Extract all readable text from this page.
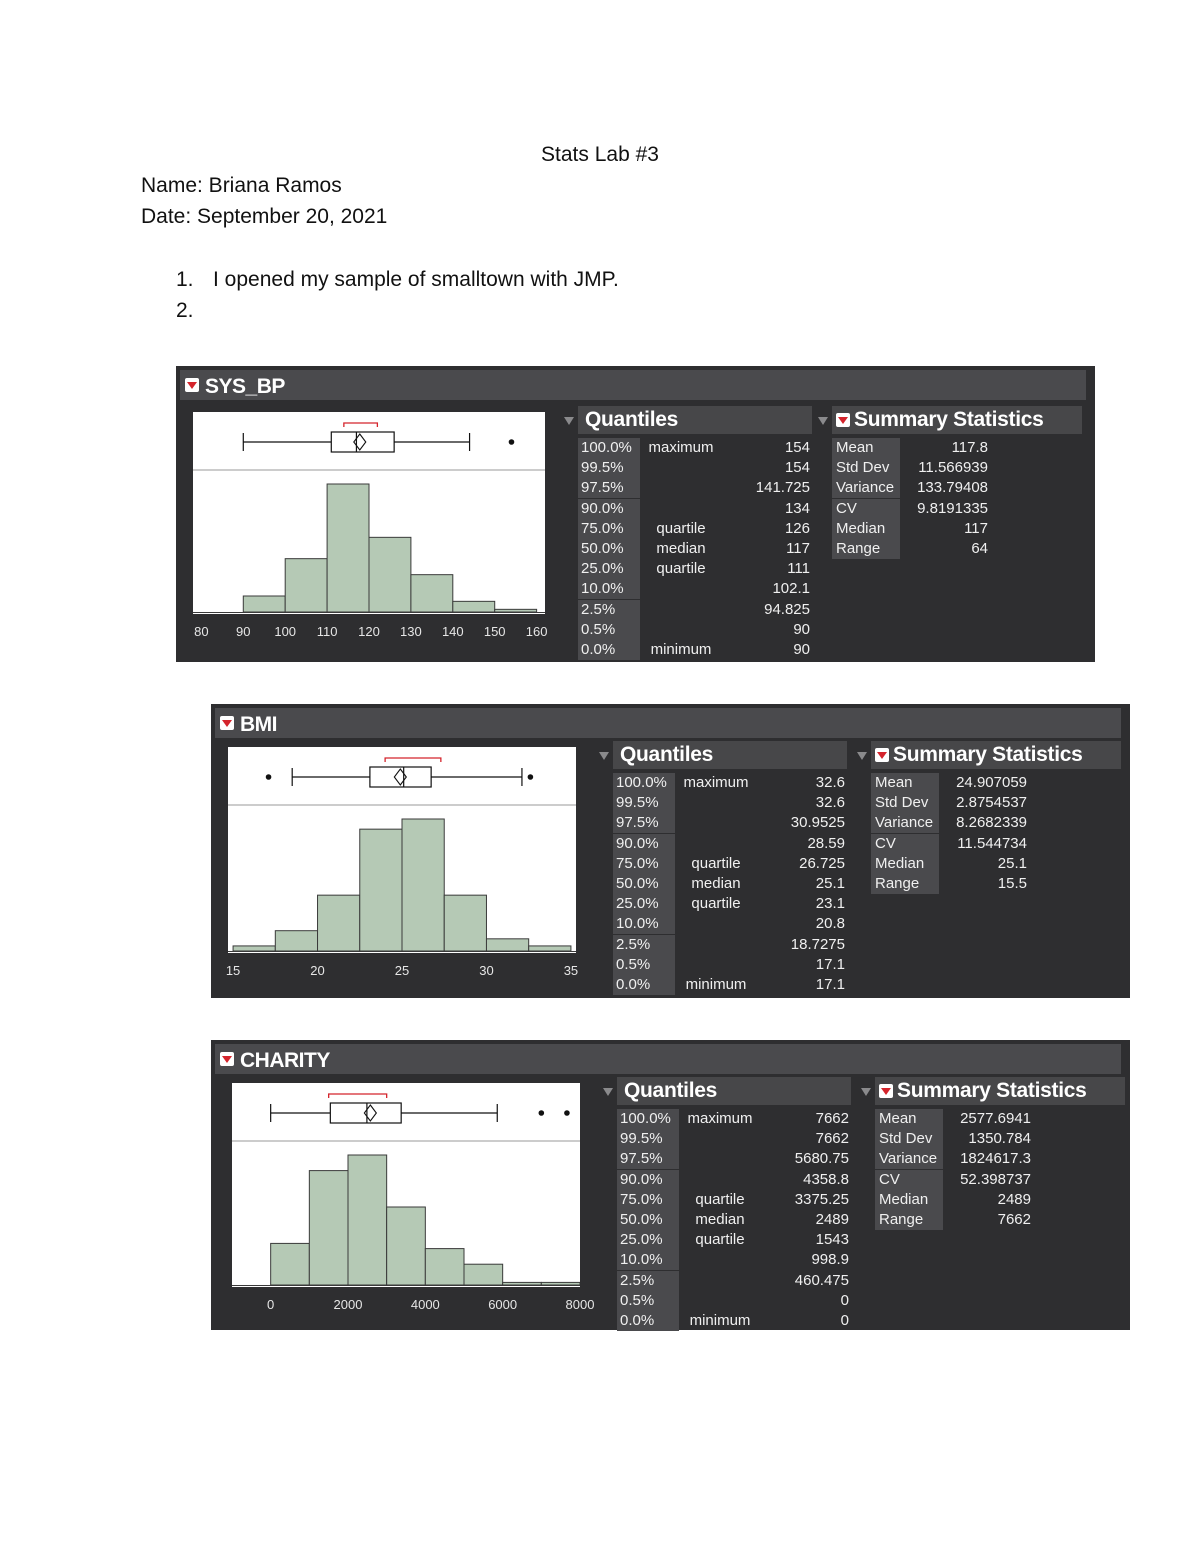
Stats Lab #3
Name: Briana Ramos
Date: September 20, 2021
1. I opened my sample of smalltown with JMP.
2.
SYS_BP
80 90 100 110 120 130 140 150 160
Quantiles
100.0%	maximum	154
99.5%	154
97.5%	141.725
90.0%	134
75.0%	quartile	126
50.0%	median	117
25.0%	quartile	111
10.0%	102.1
2.5%	94.825
0.5%	90
0.0%	minimum	90
Summary Statistics
Mean	117.8
Std Dev	11.566939
Variance	133.79408
CV	9.8191335
Median	117
Range	64
BMI
15	20	25	30	35
Quantiles
100.0%	maximum	32.6
99.5%	32.6
97.5%	30.9525
90.0%	28.59
75.0%	quartile	26.725
50.0%	median	25.1
25.0%	quartile	23.1
10.0%	20.8
2.5%	18.7275
0.5%	17.1
0.0%	minimum	17.1
Summary Statistics
Mean	24.907059
Std Dev	2.8754537
Variance	8.2682339
CV	11.544734
Median	25.1
Range	15.5
CHARITY
0	2000	4000	6000	8000
Quantiles
100.0%	maximum	7662
99.5%	7662
97.5%	5680.75
90.0%	4358.8
75.0%	quartile	3375.25
50.0%	median	2489
25.0%	quartile	1543
10.0%	998.9
2.5%	460.475
0.5%	0
0.0%	minimum	0
Summary Statistics
Mean	2577.6941
Std Dev	1350.784
Variance	1824617.3
CV	52.398737
Median	2489
Range	7662
